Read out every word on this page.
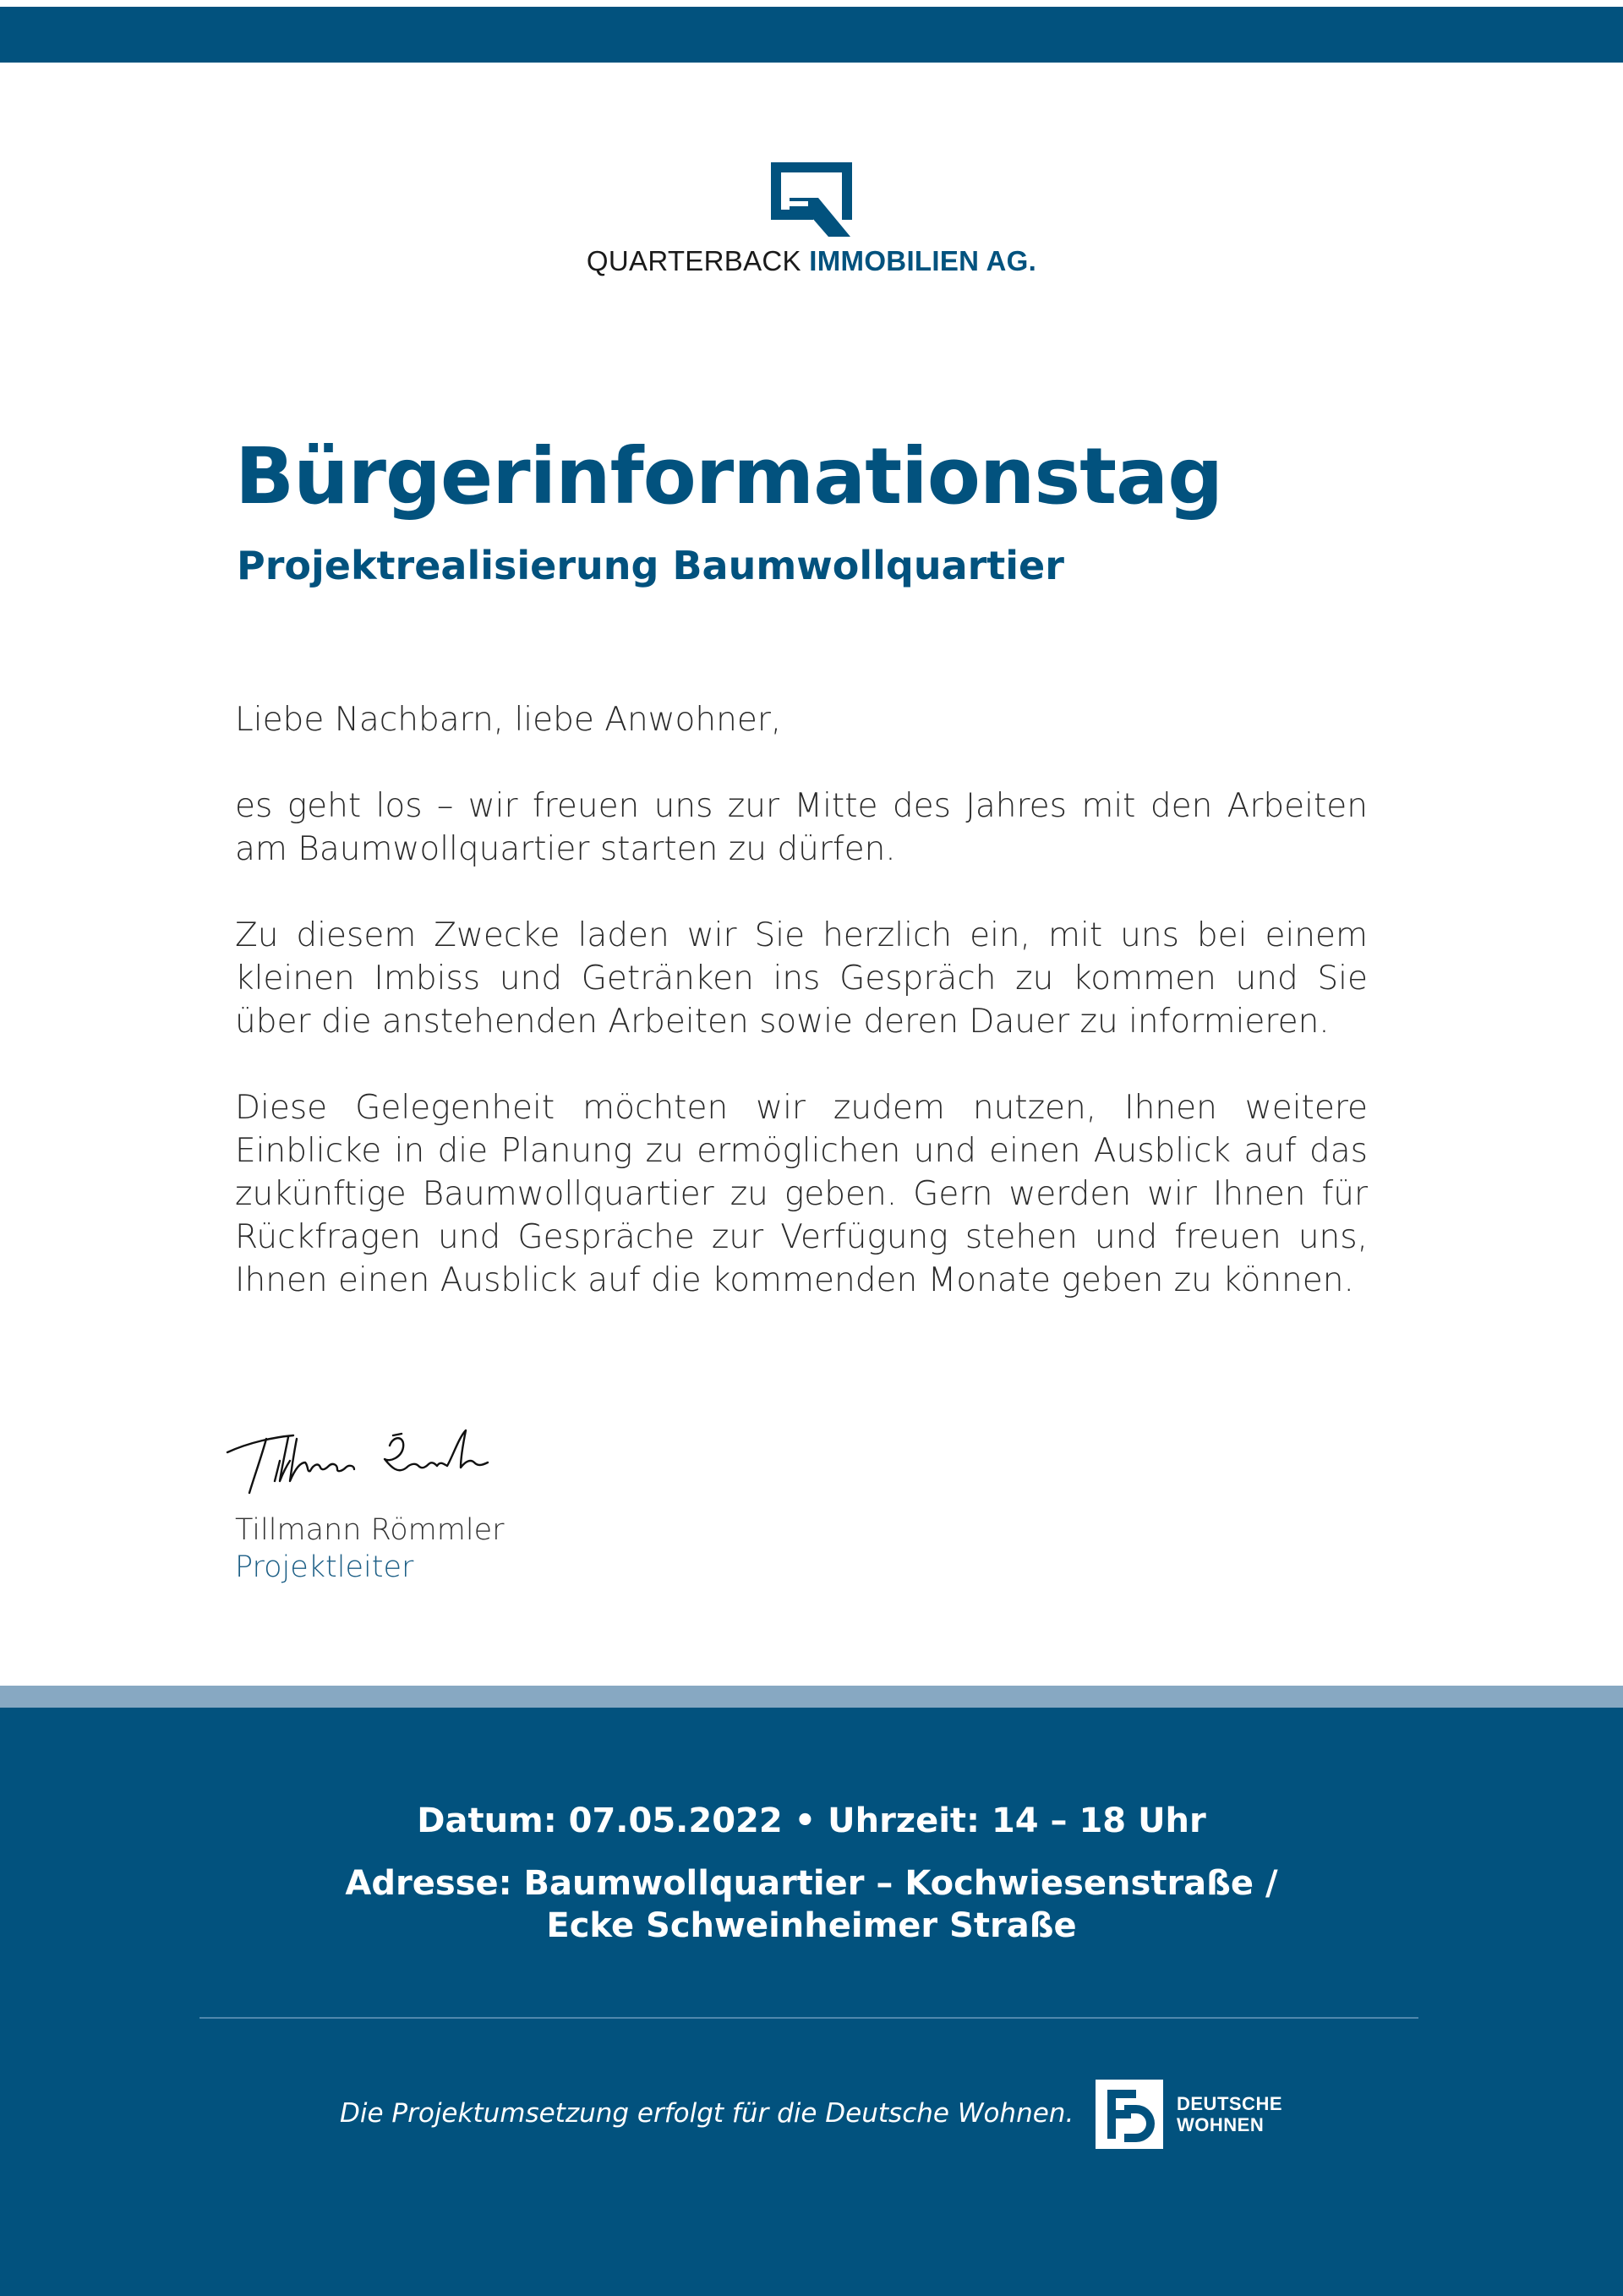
QUARTERBACK IMMOBILIEN AG.
Bürgerinformationstag
Projektrealisierung Baumwollquartier

Liebe Nachbarn, liebe Anwohner,

es geht los – wir freuen uns zur Mitte des Jahres mit den Arbeiten am Baumwollquartier starten zu dürfen.

Zu diesem Zwecke laden wir Sie herzlich ein, mit uns bei einem kleinen Imbiss und Getränken ins Gespräch zu kommen und Sie über die anstehenden Arbeiten sowie deren Dauer zu informieren.

Diese Gelegenheit möchten wir zudem nutzen, Ihnen weitere Einblicke in die Planung zu ermöglichen und einen Ausblick auf das zukünftige Baumwollquartier zu geben. Gern werden wir Ihnen für Rückfragen und Gespräche zur Verfügung stehen und freuen uns, Ihnen einen Ausblick auf die kommenden Monate geben zu können.

Tillmann Römmler
Projektleiter
Datum: 07.05.2022 • Uhrzeit: 14 – 18 Uhr
Adresse: Baumwollquartier – Kochwiesenstraße /
Ecke Schweinheimer Straße
Die Projektumsetzung erfolgt für die Deutsche Wohnen.	DEUTSCHE
WOHNEN
